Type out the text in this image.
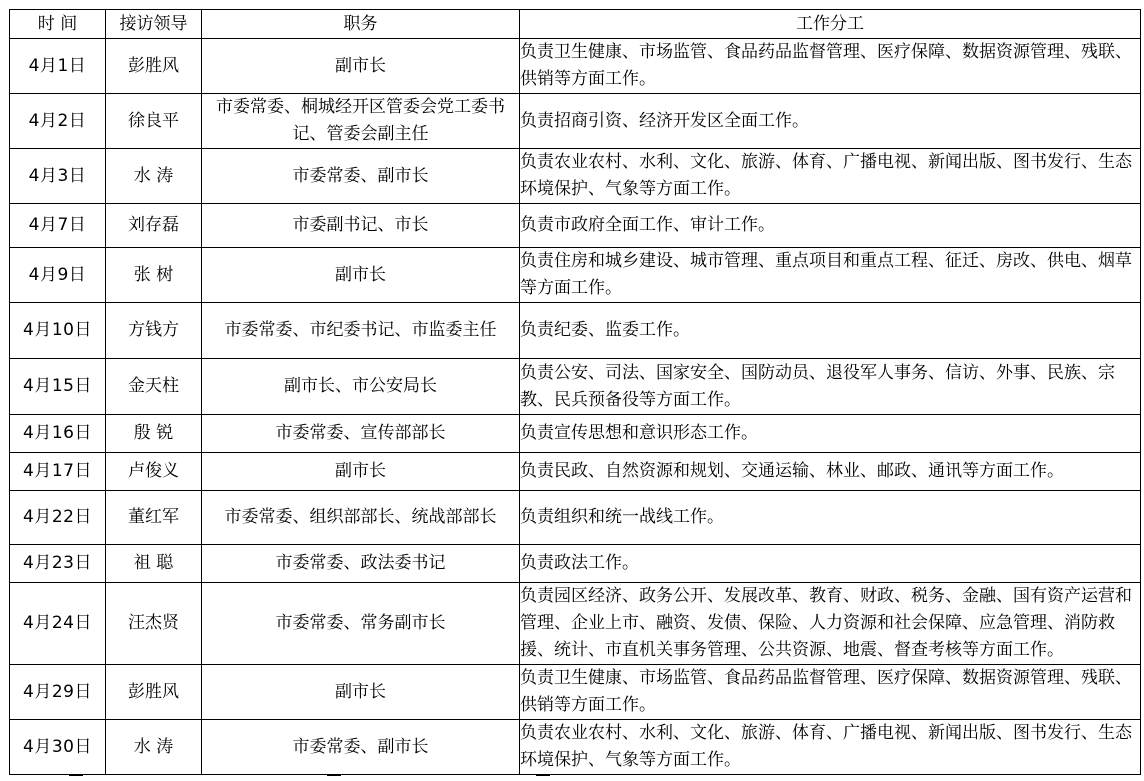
时 间	接访领导	职务	工作分工
4月1日	彭胜风	副市长	负责卫生健康、市场监管、食品药品监督管理、医疗保障、数据资源管理、残联、供销等方面工作。
4月2日	徐良平	市委常委、桐城经开区管委会党工委书记、管委会副主任	负责招商引资、经济开发区全面工作。
4月3日	水 涛	市委常委、副市长	负责农业农村、水利、文化、旅游、体育、广播电视、新闻出版、图书发行、生态环境保护、气象等方面工作。
4月7日	刘存磊	市委副书记、市长	负责市政府全面工作、审计工作。
4月9日	张 树	副市长	负责住房和城乡建设、城市管理、重点项目和重点工程、征迁、房改、供电、烟草等方面工作。
4月10日	方钱方	市委常委、市纪委书记、市监委主任	负责纪委、监委工作。
4月15日	金天柱	副市长、市公安局长	负责公安、司法、国家安全、国防动员、退役军人事务、信访、外事、民族、宗教、民兵预备役等方面工作。
4月16日	殷 锐	市委常委、宣传部部长	负责宣传思想和意识形态工作。
4月17日	卢俊义	副市长	负责民政、自然资源和规划、交通运输、林业、邮政、通讯等方面工作。
4月22日	董红军	市委常委、组织部部长、统战部部长	负责组织和统一战线工作。
4月23日	祖 聪	市委常委、政法委书记	负责政法工作。
4月24日	汪杰贤	市委常委、常务副市长	负责园区经济、政务公开、发展改革、教育、财政、税务、金融、国有资产运营和管理、企业上市、融资、发债、保险、人力资源和社会保障、应急管理、消防救援、统计、市直机关事务管理、公共资源、地震、督查考核等方面工作。
4月29日	彭胜风	副市长	负责卫生健康、市场监管、食品药品监督管理、医疗保障、数据资源管理、残联、供销等方面工作。
4月30日	水 涛	市委常委、副市长	负责农业农村、水利、文化、旅游、体育、广播电视、新闻出版、图书发行、生态环境保护、气象等方面工作。
